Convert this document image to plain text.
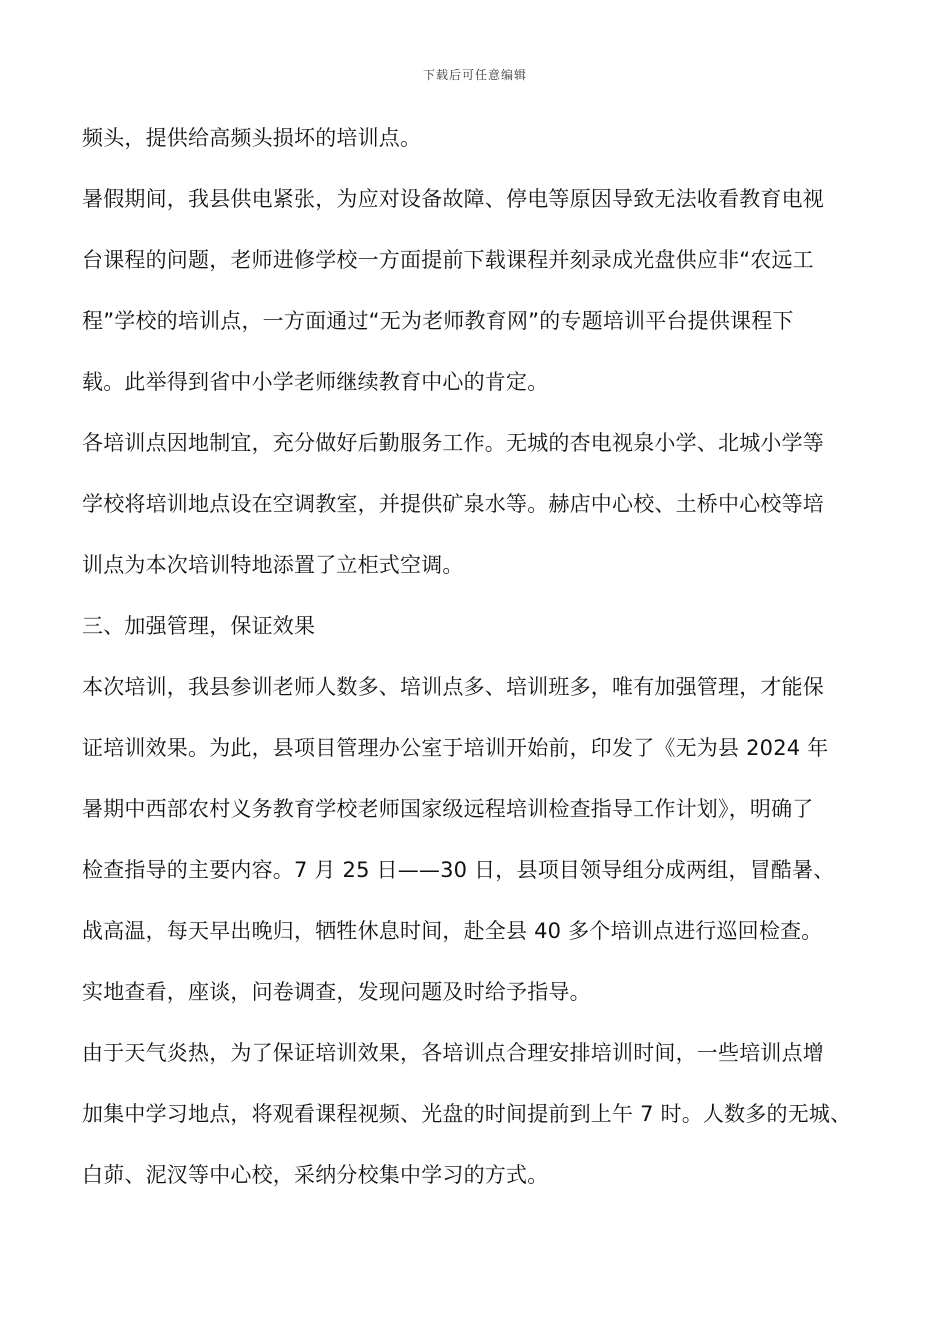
下载后可任意编辑
频头，提供给高频头损坏的培训点。
暑假期间，我县供电紧张，为应对设备故障、停电等原因导致无法收看教育电视
台课程的问题，老师进修学校一方面提前下载课程并刻录成光盘供应非“农远工
程”学校的培训点，一方面通过“无为老师教育网”的专题培训平台提供课程下
载。此举得到省中小学老师继续教育中心的肯定。
各培训点因地制宜，充分做好后勤服务工作。无城的杏电视泉小学、北城小学等
学校将培训地点设在空调教室，并提供矿泉水等。赫店中心校、土桥中心校等培
训点为本次培训特地添置了立柜式空调。
三、加强管理，保证效果
本次培训，我县参训老师人数多、培训点多、培训班多，唯有加强管理，才能保
证培训效果。为此，县项目管理办公室于培训开始前，印发了《无为县 2024 年
暑期中西部农村义务教育学校老师国家级远程培训检查指导工作计划》，明确了
检查指导的主要内容。7 月 25 日——30 日，县项目领导组分成两组，冒酷暑、
战高温，每天早出晚归，牺牲休息时间，赴全县 40 多个培训点进行巡回检查。
实地查看，座谈，问卷调查，发现问题及时给予指导。
由于天气炎热，为了保证培训效果，各培训点合理安排培训时间，一些培训点增
加集中学习地点，将观看课程视频、光盘的时间提前到上午 7 时。人数多的无城、
白茆、泥汊等中心校，采纳分校集中学习的方式。
